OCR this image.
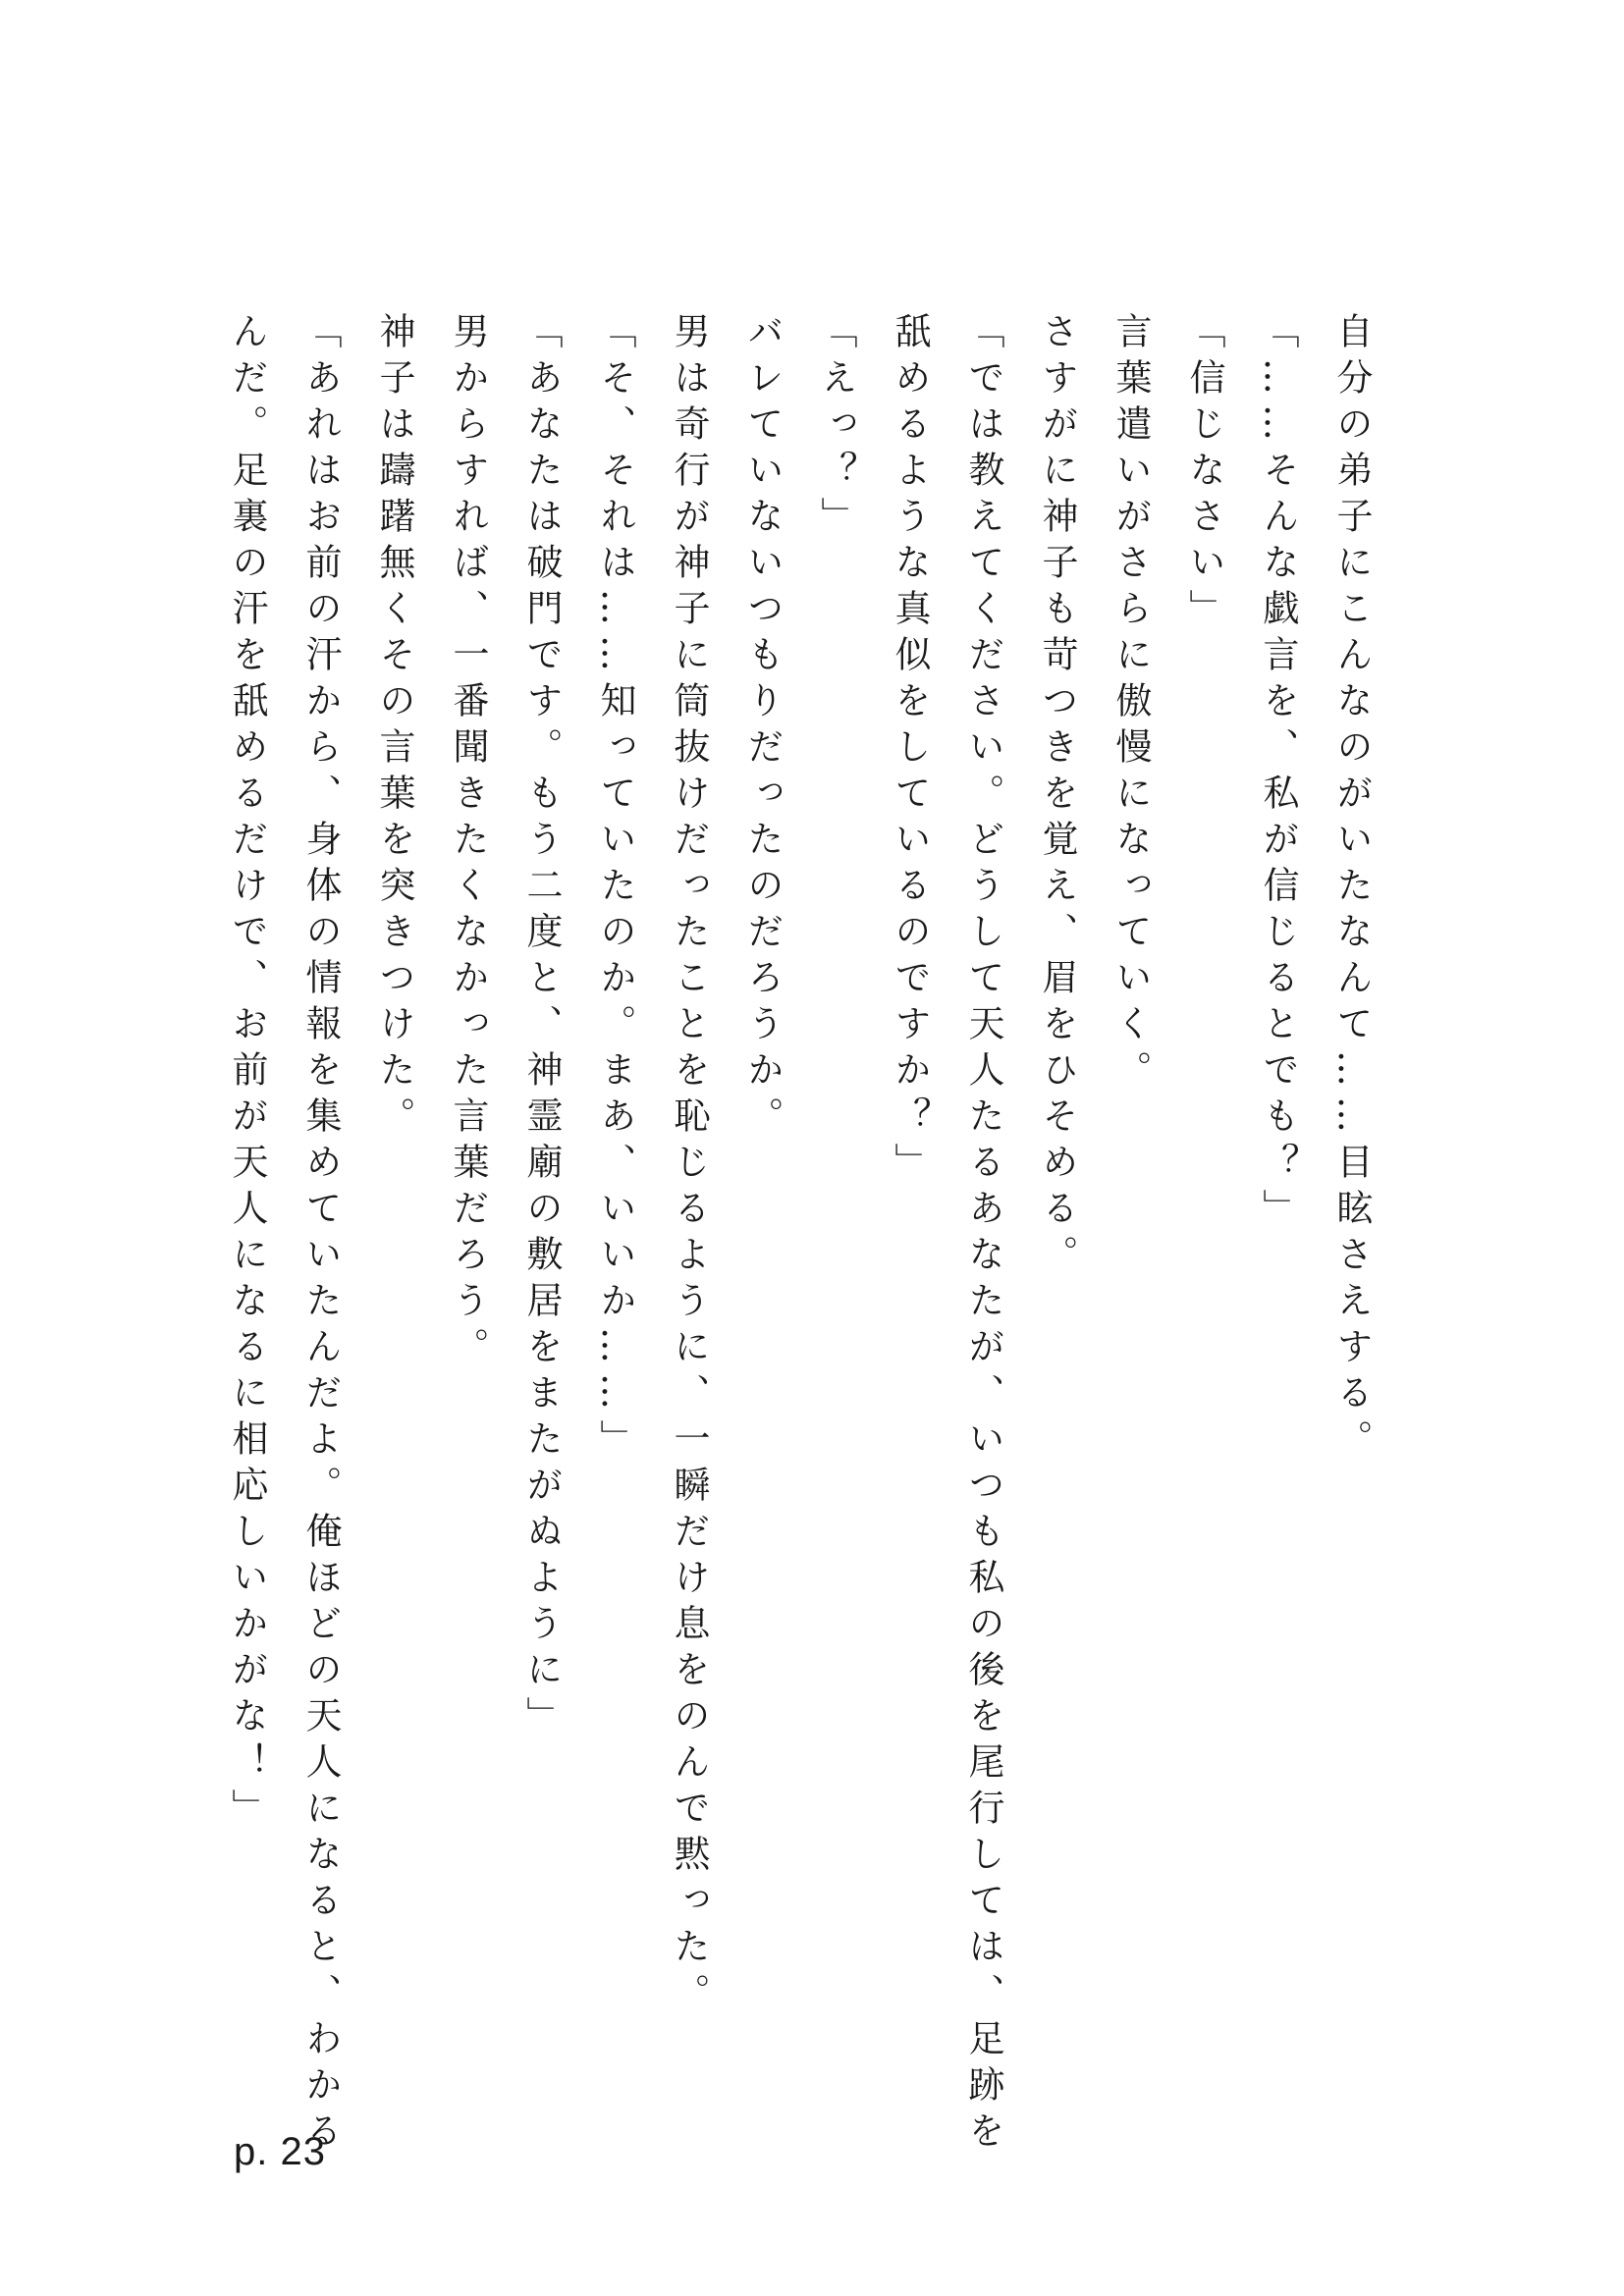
自分の弟子にこんなのがいたなんて……目眩さえする。

「……そんな戯言を、私が信じるとでも？」

「信じなさい」

言葉遣いがさらに傲慢になっていく。

さすがに神子も苛つきを覚え、眉をひそめる。

「では教えてください。どうして天人たるあなたが、いつも私の後を尾行しては、足跡を舐めるような真似をしているのですか？」

「えっ？」

バレていないつもりだったのだろうか。

男は奇行が神子に筒抜けだったことを恥じるように、一瞬だけ息をのんで黙った。

「そ、それは……知っていたのか。まあ、いいか……」

「あなたは破門です。もう二度と、神霊廟の敷居をまたがぬように」

男からすれば、一番聞きたくなかった言葉だろう。

神子は躊躇無くその言葉を突きつけた。

「あれはお前の汗から、身体の情報を集めていたんだよ。俺ほどの天人になると、わかるんだ。足裏の汗を舐めるだけで、お前が天人になるに相応しいかがな！」

p. 23
